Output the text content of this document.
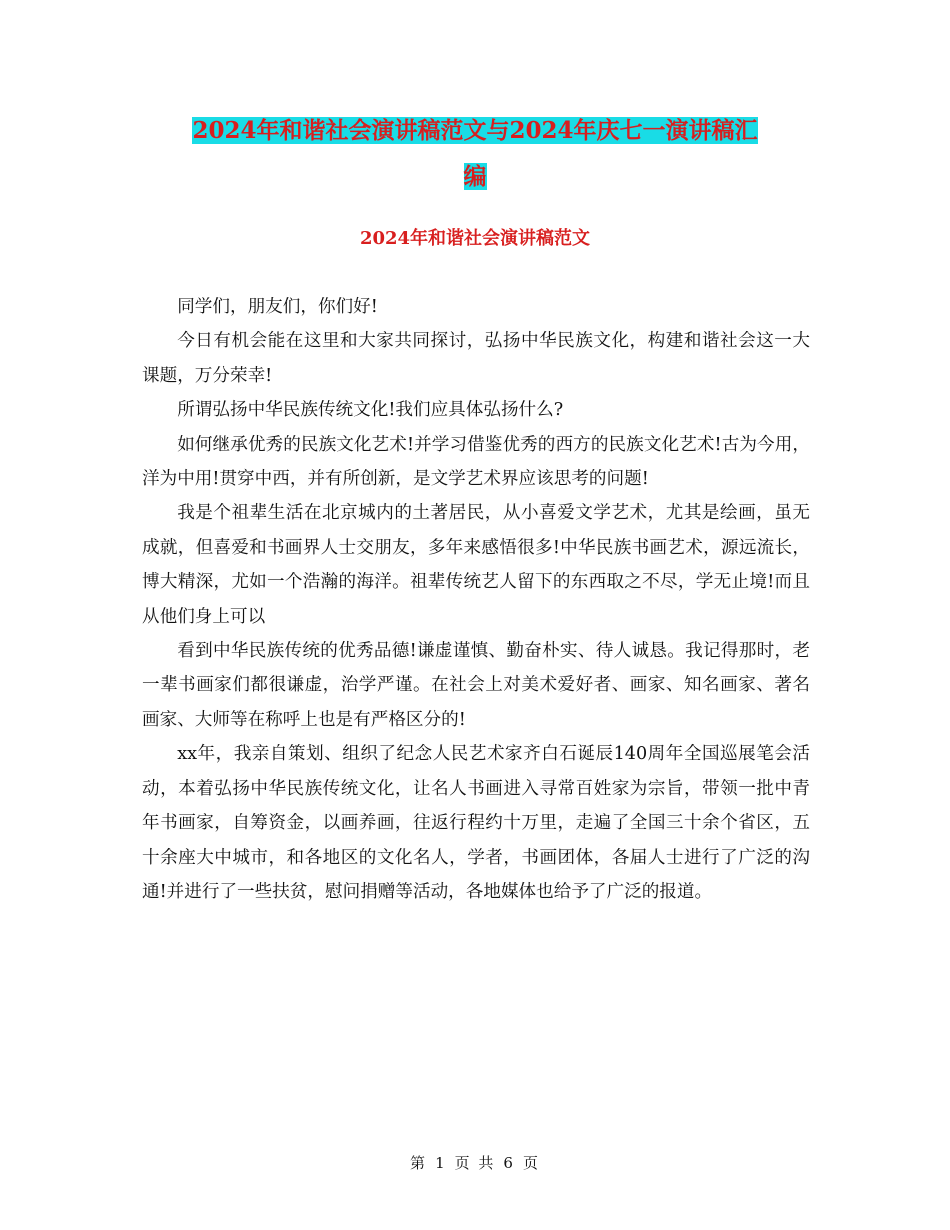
2024年和谐社会演讲稿范文与2024年庆七一演讲稿汇
编
2024年和谐社会演讲稿范文

同学们，朋友们，你们好!

今日有机会能在这里和大家共同探讨，弘扬中华民族文化，构建和谐社会这一大课题，万分荣幸!

所谓弘扬中华民族传统文化!我们应具体弘扬什么?

如何继承优秀的民族文化艺术!并学习借鉴优秀的西方的民族文化艺术!古为今用，洋为中用!贯穿中西，并有所创新，是文学艺术界应该思考的问题!

我是个祖辈生活在北京城内的土著居民，从小喜爱文学艺术，尤其是绘画，虽无成就，但喜爱和书画界人士交朋友，多年来感悟很多!中华民族书画艺术，源远流长，博大精深，尤如一个浩瀚的海洋。祖辈传统艺人留下的东西取之不尽，学无止境!而且从他们身上可以

看到中华民族传统的优秀品德!谦虚谨慎、勤奋朴实、待人诚恳。我记得那时，老一辈书画家们都很谦虚，治学严谨。在社会上对美术爱好者、画家、知名画家、著名画家、大师等在称呼上也是有严格区分的!

xx年，我亲自策划、组织了纪念人民艺术家齐白石诞辰140周年全国巡展笔会活动，本着弘扬中华民族传统文化，让名人书画进入寻常百姓家为宗旨，带领一批中青年书画家，自筹资金，以画养画，往返行程约十万里，走遍了全国三十余个省区，五十余座大中城市，和各地区的文化名人，学者，书画团体，各届人士进行了广泛的沟通!并进行了一些扶贫，慰问捐赠等活动，各地媒体也给予了广泛的报道。

第 1 页 共 6 页
